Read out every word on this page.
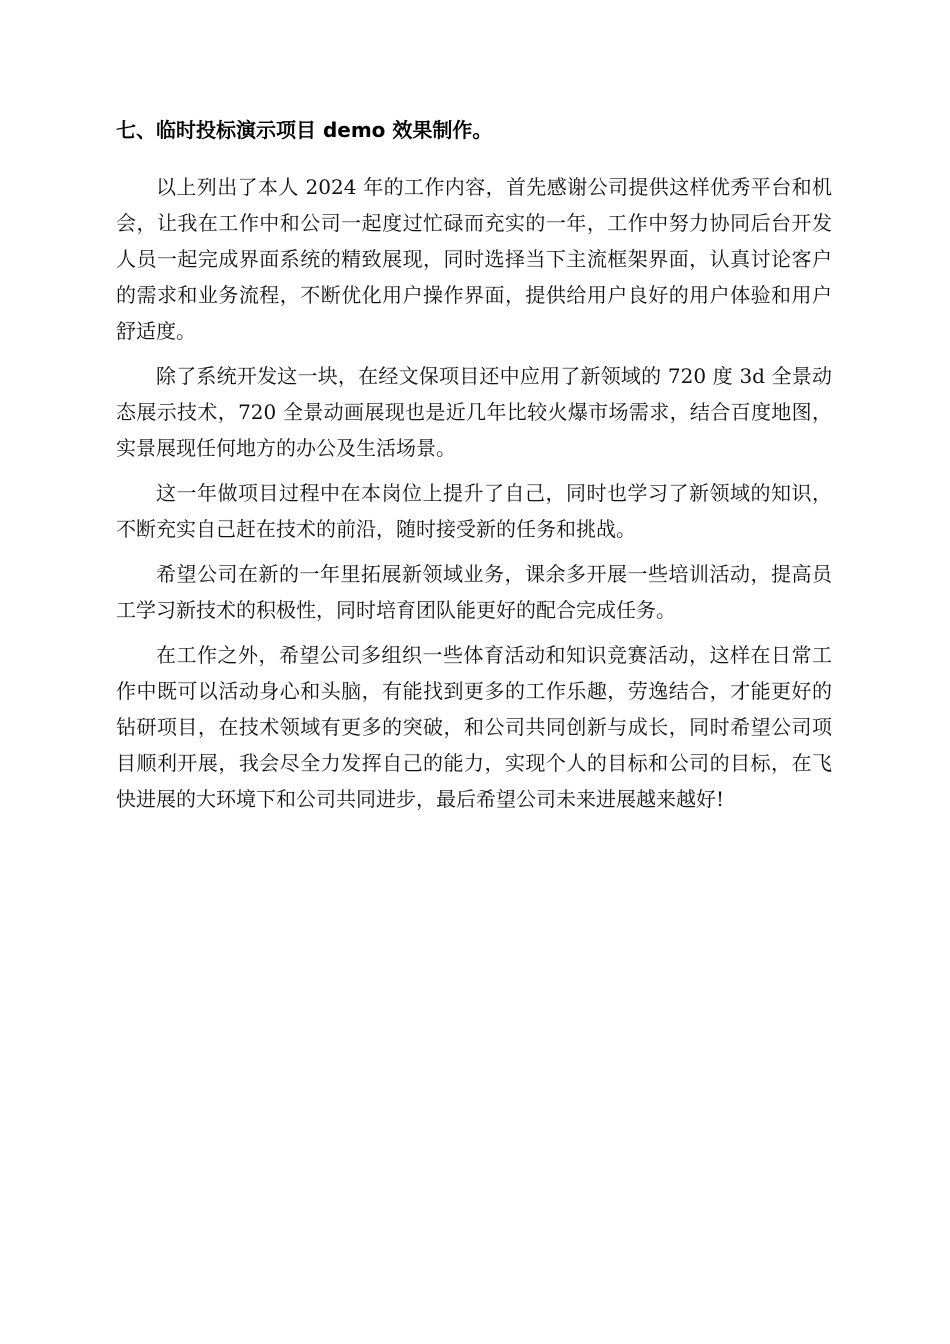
七、临时投标演示项目 demo 效果制作。

以上列出了本人 2024 年的工作内容，首先感谢公司提供这样优秀平台和机会，让我在工作中和公司一起度过忙碌而充实的一年，工作中努力协同后台开发人员一起完成界面系统的精致展现，同时选择当下主流框架界面，认真讨论客户的需求和业务流程，不断优化用户操作界面，提供给用户良好的用户体验和用户舒适度。

除了系统开发这一块，在经文保项目还中应用了新领域的 720 度 3d 全景动态展示技术，720 全景动画展现也是近几年比较火爆市场需求，结合百度地图，实景展现任何地方的办公及生活场景。

这一年做项目过程中在本岗位上提升了自己，同时也学习了新领域的知识，不断充实自己赶在技术的前沿，随时接受新的任务和挑战。

希望公司在新的一年里拓展新领域业务，课余多开展一些培训活动，提高员工学习新技术的积极性，同时培育团队能更好的配合完成任务。

在工作之外，希望公司多组织一些体育活动和知识竞赛活动，这样在日常工作中既可以活动身心和头脑，有能找到更多的工作乐趣，劳逸结合，才能更好的钻研项目，在技术领域有更多的突破，和公司共同创新与成长，同时希望公司项目顺利开展，我会尽全力发挥自己的能力，实现个人的目标和公司的目标，在飞快进展的大环境下和公司共同进步，最后希望公司未来进展越来越好!
